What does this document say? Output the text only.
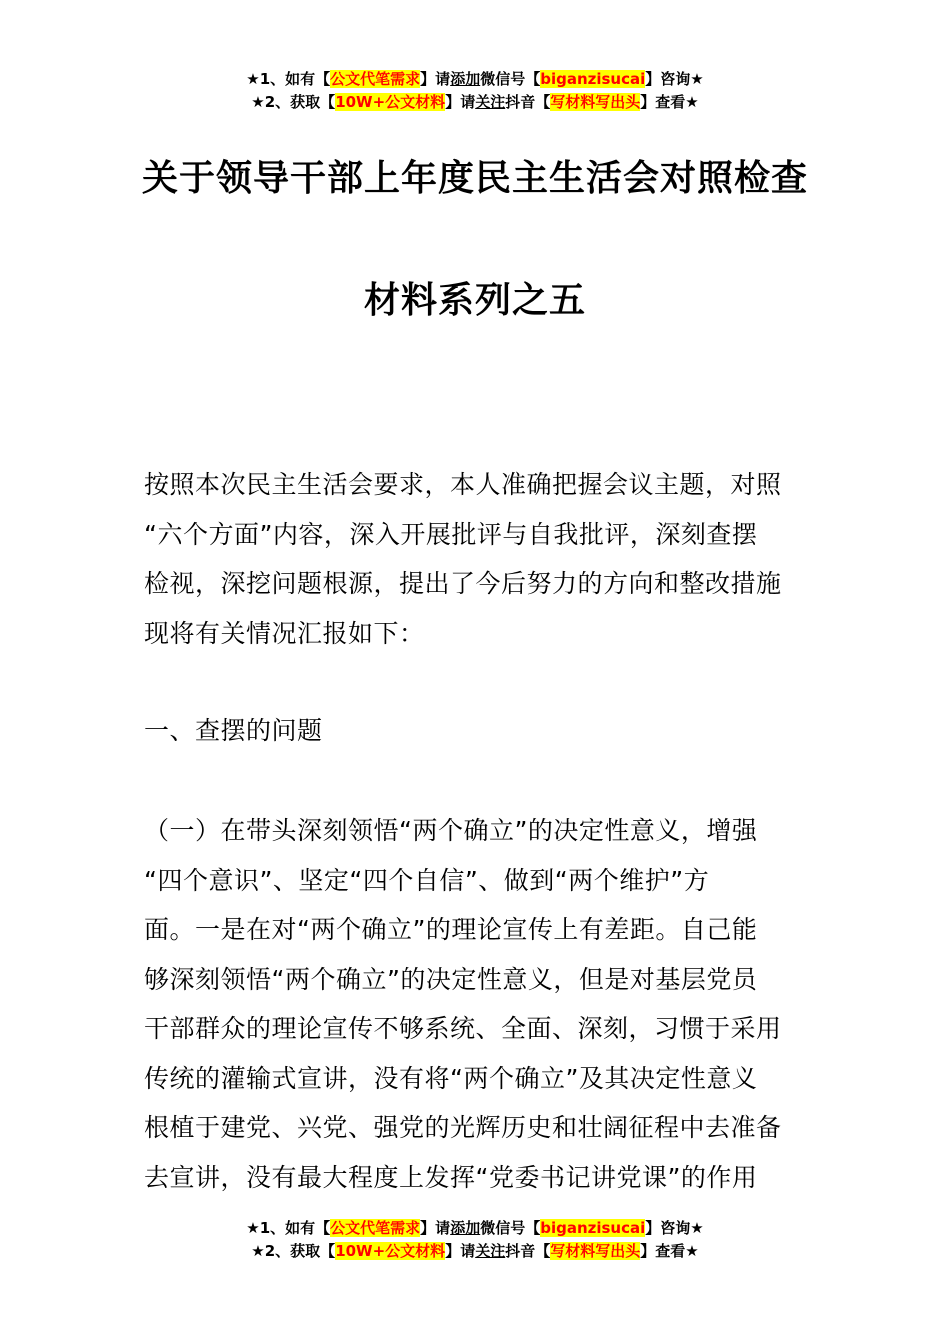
★1、如有【公文代笔需求】请添加微信号【biganzisucai】咨询★
★2、获取【10W+公文材料】请关注抖音【写材料写出头】查看★
关于领导干部上年度民主生活会对照检查
材料系列之五
按照本次民主生活会要求，本人准确把握会议主题，对照
“六个方面”内容，深入开展批评与自我批评，深刻查摆
检视，深挖问题根源，提出了今后努力的方向和整改措施
现将有关情况汇报如下：
一、查摆的问题
（一）在带头深刻领悟“两个确立”的决定性意义，增强
“四个意识”、坚定“四个自信”、做到“两个维护”方
面。一是在对“两个确立”的理论宣传上有差距。自己能
够深刻领悟“两个确立”的决定性意义，但是对基层党员
干部群众的理论宣传不够系统、全面、深刻，习惯于采用
传统的灌输式宣讲，没有将“两个确立”及其决定性意义
根植于建党、兴党、强党的光辉历史和壮阔征程中去准备
去宣讲，没有最大程度上发挥“党委书记讲党课”的作用
★1、如有【公文代笔需求】请添加微信号【biganzisucai】咨询★
★2、获取【10W+公文材料】请关注抖音【写材料写出头】查看★
